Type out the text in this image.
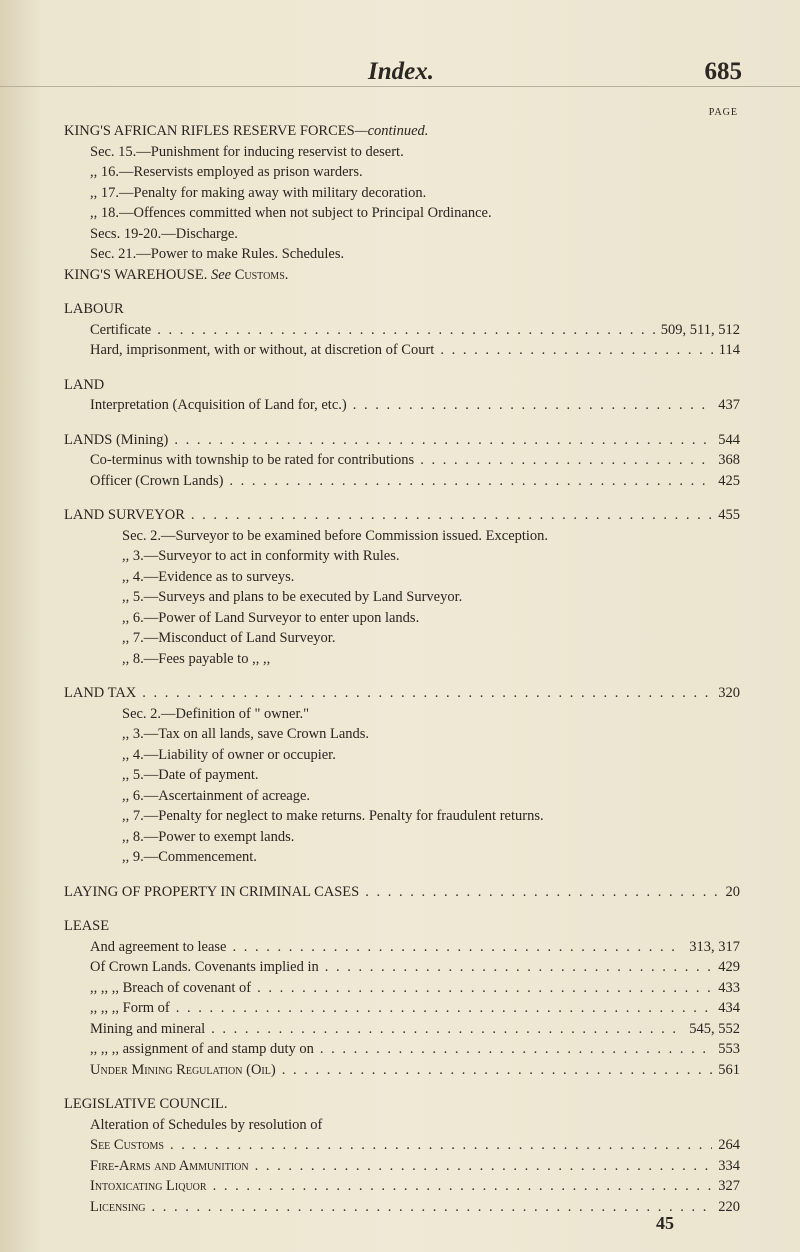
Index.	685
PAGE
KING'S AFRICAN RIFLES RESERVE FORCES—continued.
Sec. 15.—Punishment for inducing reservist to desert.
,, 16.—Reservists employed as prison warders.
,, 17.—Penalty for making away with military decoration.
,, 18.—Offences committed when not subject to Principal Ordinance.
Secs. 19-20.—Discharge.
Sec. 21.—Power to make Rules. Schedules.
KING'S WAREHOUSE. See Customs.
LABOUR
Certificate . . .	509, 511, 512
Hard, imprisonment, with or without, at discretion of Court . . .	114
LAND
Interpretation (Acquisition of Land for, etc.) . . .	437
LANDS (Mining) . . .	544
Co-terminus with township to be rated for contributions . . .	368
Officer (Crown Lands) . . .	425
LAND SURVEYOR . . .	455
Sec. 2.—Surveyor to be examined before Commission issued. Exception.
,, 3.—Surveyor to act in conformity with Rules.
,, 4.—Evidence as to surveys.
,, 5.—Surveys and plans to be executed by Land Surveyor.
,, 6.—Power of Land Surveyor to enter upon lands.
,, 7.—Misconduct of Land Surveyor.
,, 8.—Fees payable to ,, ,,
LAND TAX . . .	320
Sec. 2.—Definition of " owner."
,, 3.—Tax on all lands, save Crown Lands.
,, 4.—Liability of owner or occupier.
,, 5.—Date of payment.
,, 6.—Ascertainment of acreage.
,, 7.—Penalty for neglect to make returns. Penalty for fraudulent returns.
,, 8.—Power to exempt lands.
,, 9.—Commencement.
LAYING OF PROPERTY IN CRIMINAL CASES . . .	20
LEASE
And agreement to lease . . .	313, 317
Of Crown Lands. Covenants implied in . . .	429
,, ,, ,, Breach of covenant of . . .	433
,, ,, ,, Form of . . .	434
Mining and mineral . . .	545, 552
,, ,, ,, assignment of and stamp duty on . . .	553
Under Mining Regulation (Oil) . . .	561
LEGISLATIVE COUNCIL.
Alteration of Schedules by resolution of
See Customs . . .	264
Fire-Arms and Ammunition . . .	334
Intoxicating Liquor . . .	327
Licensing . . .	220
45
